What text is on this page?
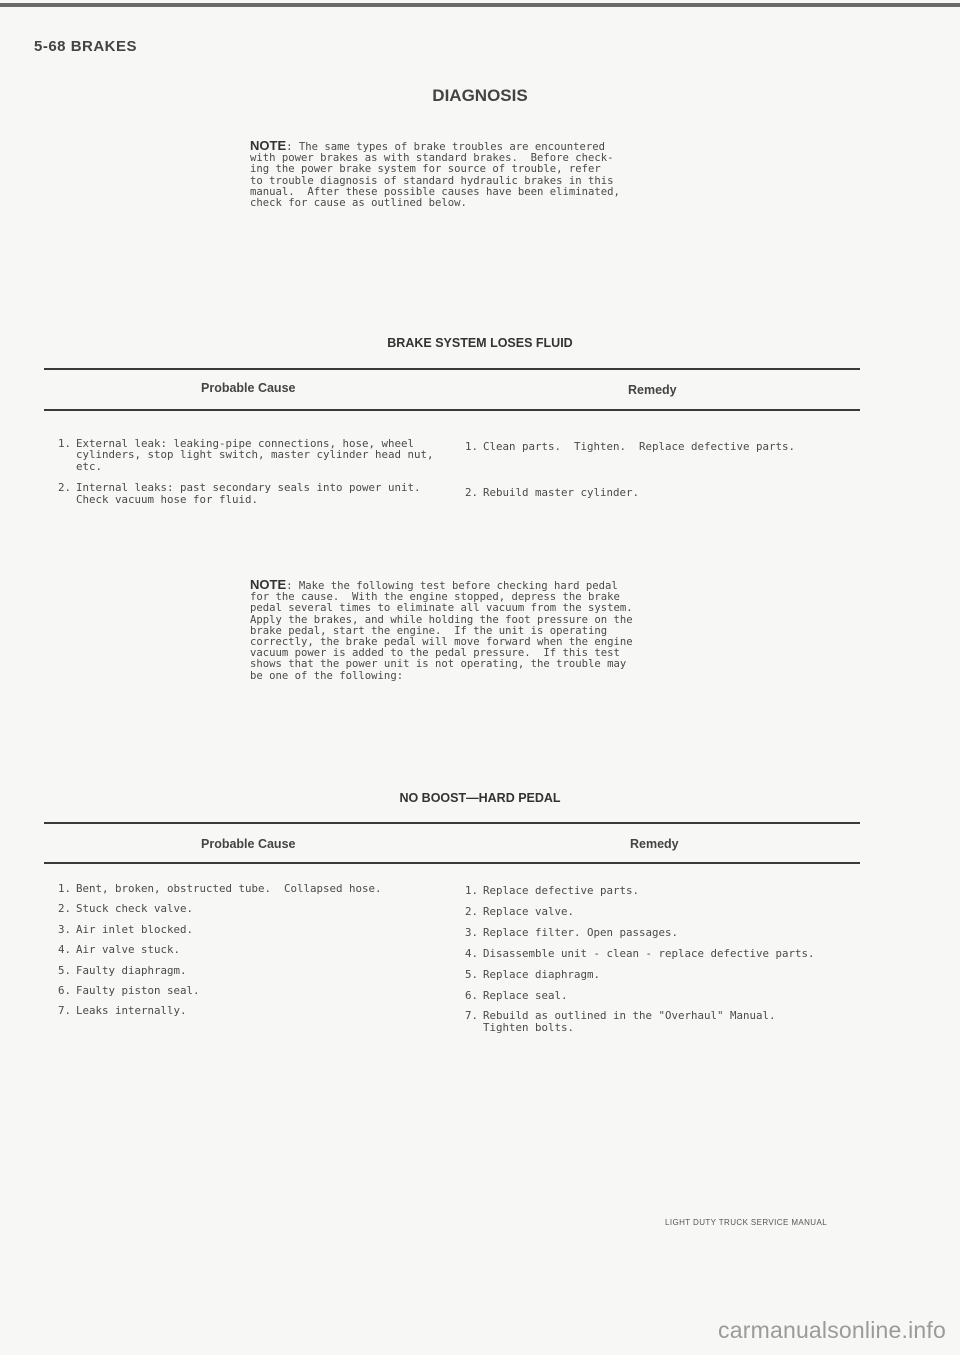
5-68 BRAKES
DIAGNOSIS

NOTE: The same types of brake troubles are encountered

with power brakes as with standard brakes.  Before check-

ing the power brake system for source of trouble, refer

to trouble diagnosis of standard hydraulic brakes in this

manual.  After these possible causes have been eliminated,

check for cause as outlined below.

BRAKE SYSTEM LOSES FLUID
Probable Cause	Remedy
1. External leak: leaking-pipe connections, hose, wheel
cylinders, stop light switch, master cylinder head nut,
etc.
2. Internal leaks: past secondary seals into power unit.
Check vacuum hose for fluid.
1. Clean parts.  Tighten.  Replace defective parts.
2. Rebuild master cylinder.

NOTE: Make the following test before checking hard pedal

for the cause.  With the engine stopped, depress the brake

pedal several times to eliminate all vacuum from the system.

Apply the brakes, and while holding the foot pressure on the

brake pedal, start the engine.  If the unit is operating

correctly, the brake pedal will move forward when the engine

vacuum power is added to the pedal pressure.  If this test

shows that the power unit is not operating, the trouble may

be one of the following:

NO BOOST—HARD PEDAL
Probable Cause	Remedy
1. Bent, broken, obstructed tube.  Collapsed hose.
2. Stuck check valve.
3. Air inlet blocked.
4. Air valve stuck.
5. Faulty diaphragm.
6. Faulty piston seal.
7. Leaks internally.
1. Replace defective parts.
2. Replace valve.
3. Replace filter. Open passages.
4. Disassemble unit - clean - replace defective parts.
5. Replace diaphragm.
6. Replace seal.
7. Rebuild as outlined in the "Overhaul" Manual.
Tighten bolts.
LIGHT DUTY TRUCK SERVICE MANUAL
carmanualsonline.info
